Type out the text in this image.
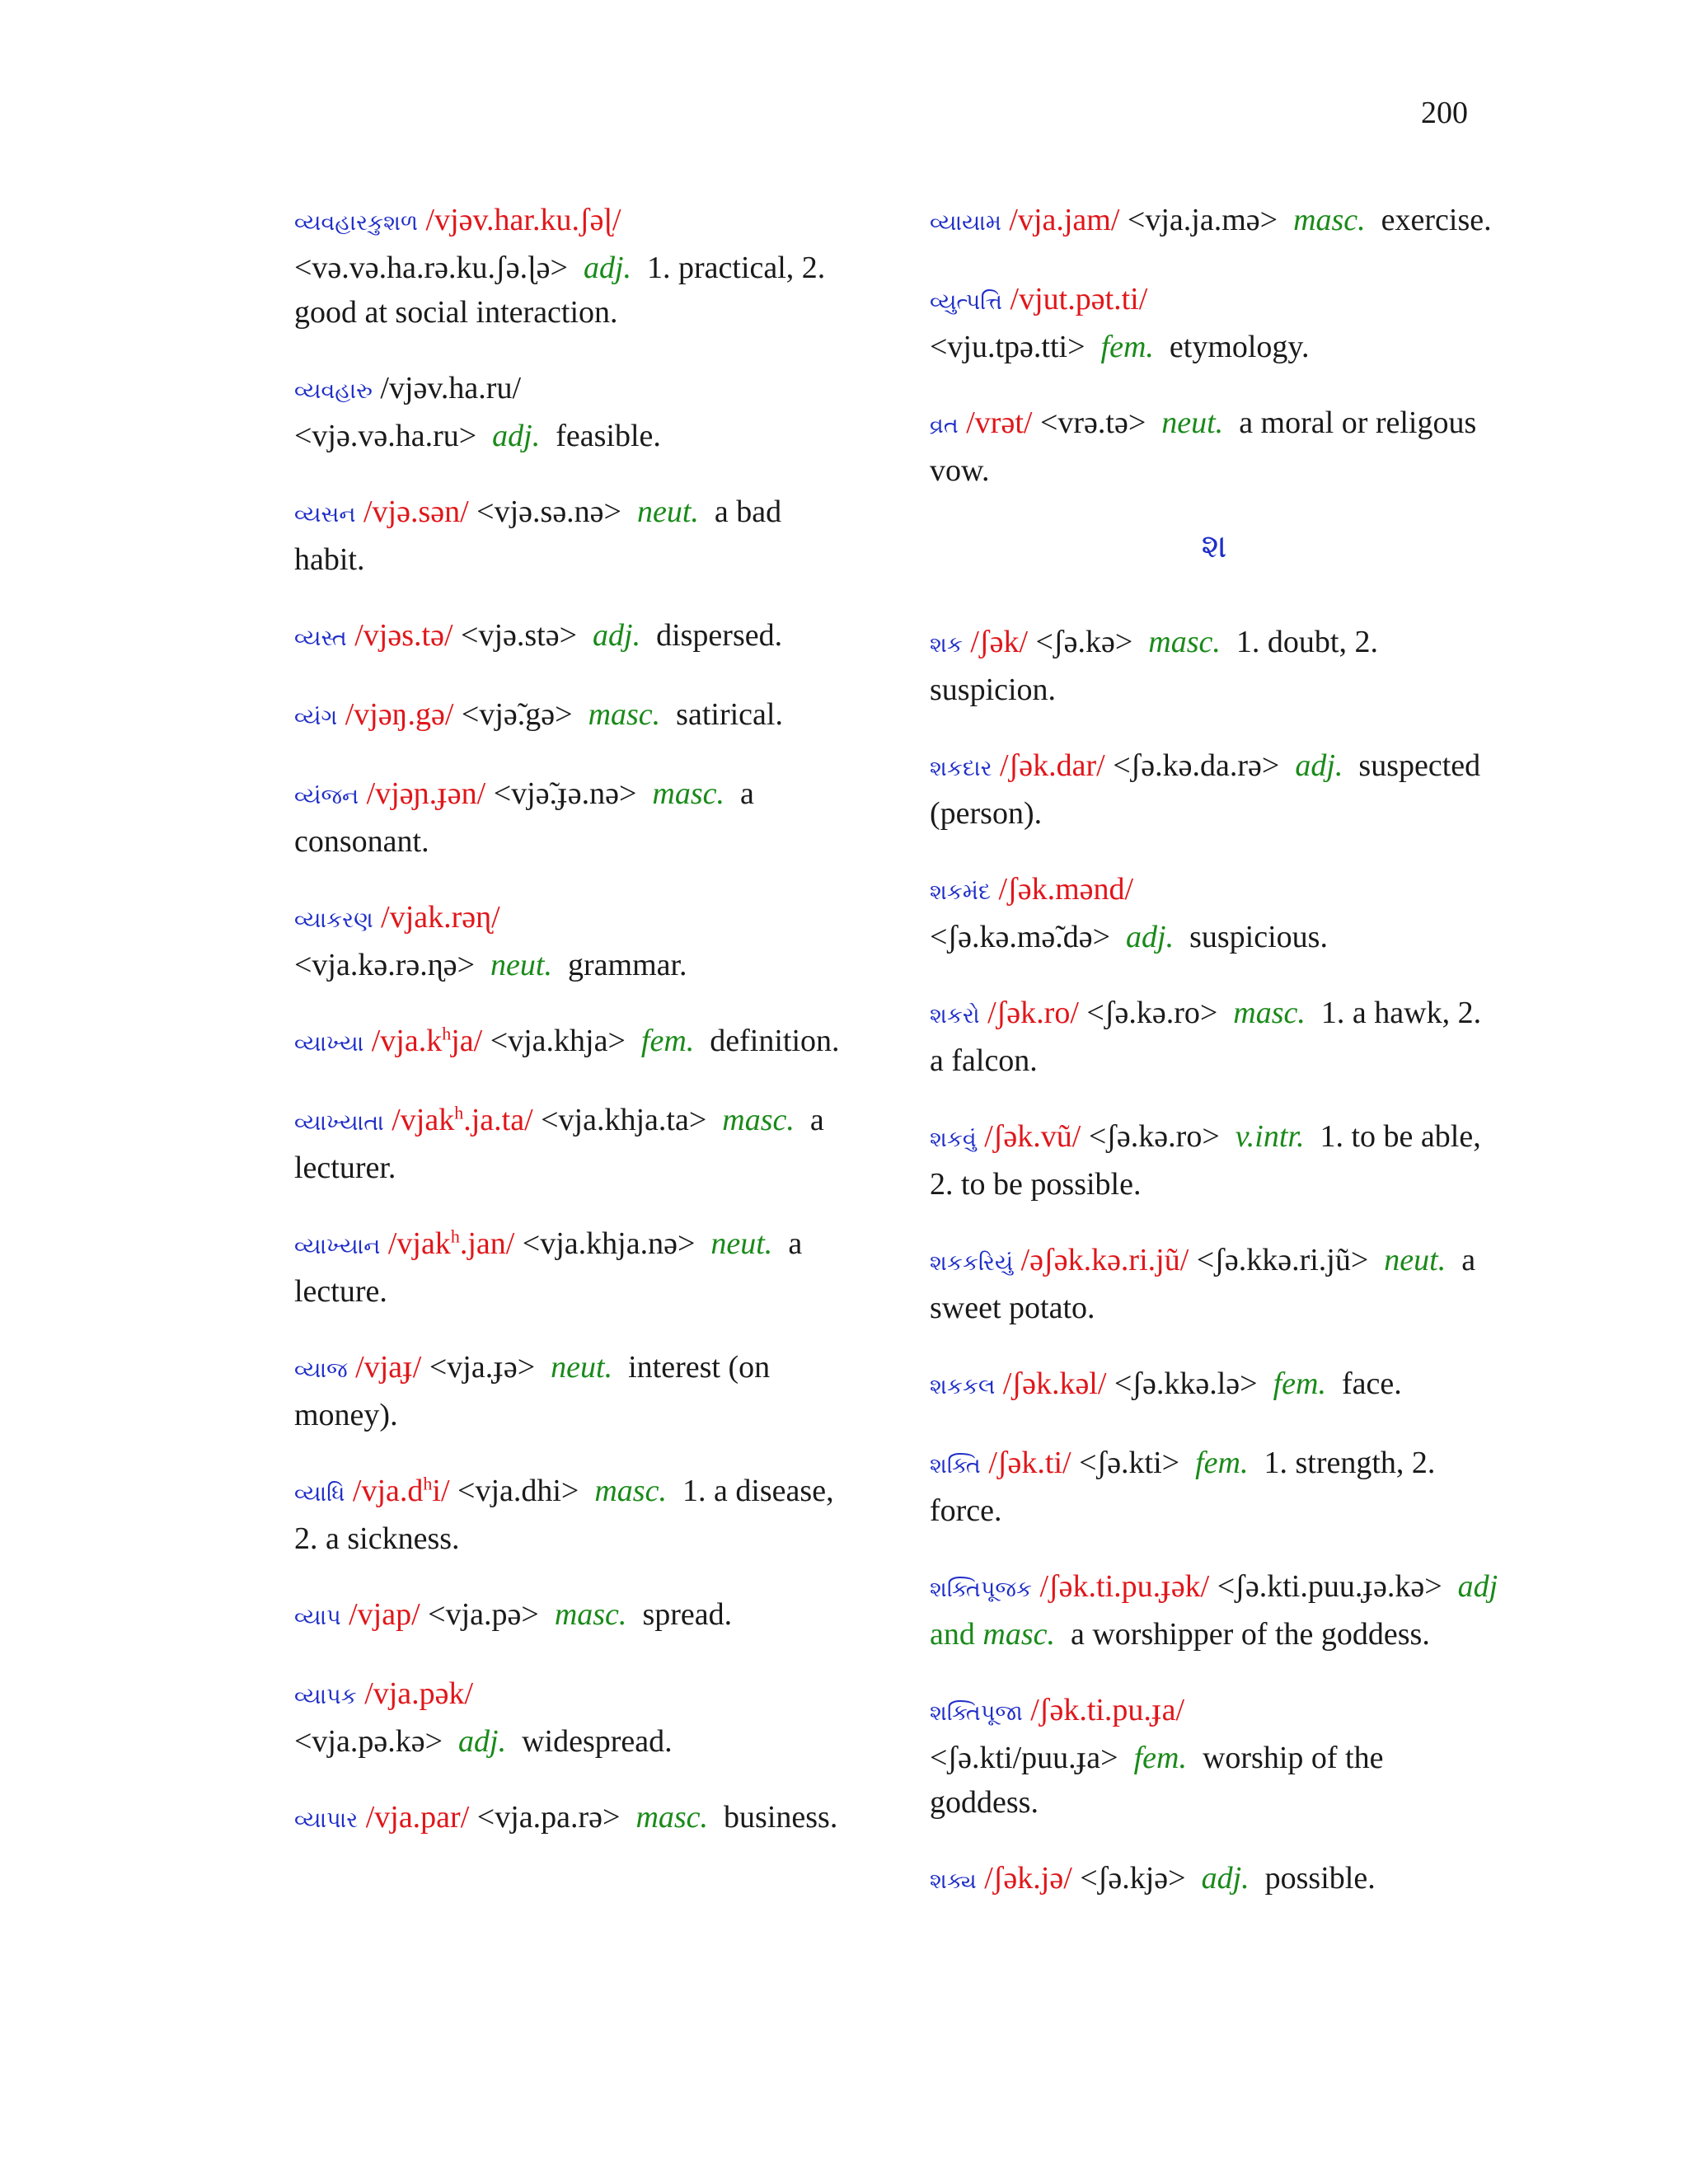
200
વ્યવહારકુશળ /vjəv.har.ku.ʃəɭ/ <və.və.ha.rə.ku.ʃə.ɭə> adj. 1. practical, 2. good at social interaction.
વ્યવહારુ /vjəv.ha.ru/ <vjə.və.ha.ru> adj. feasible.
વ્યસન /vjə.sən/ <vjə.sə.nə> neut. a bad habit.
વ્યસ્ત /vjəs.tə/ <vjə.stə> adj. dispersed.
વ્યંગ /vjəŋ.gə/ <vjə̃.gə> masc. satirical.
વ્યંજન /vjəɲ.ɟən/ <vjə̃.ɟə.nə> masc. a consonant.
વ્યાકરણ /vjak.rəɳ/ <vja.kə.rə.ɳə> neut. grammar.
વ્યાખ્યા $/vja.k^hja/$ <vja.khja> fem. definition.
વ્યાખ્યાતા /vjak$^h$.ja.ta/ <vja.khja.ta> masc. a lecturer.
વ્યાખ્યાન /vjak$^h$.jan/ <vja.khja.nə> neut. a lecture.
વ્યાજ /vjaɟ/ <vja.ɟə> neut. interest (on money).
વ્યાધિ $/vja.d^hi/ <vja.dhi>$ masc. 1. a disease, 2. a sickness.
વ્યાપ /vjap/ <vja.pə> masc. spread.
વ્યાપક /vja.pək/ <vja.pə.kə> adj. widespread.
વ્યાપાર /vja.par/ <vja.pa.rə> masc. business.
વ્યાયામ /vja.jam/ <vja.ja.mə> masc. exercise.
વ્યુત્પત્તિ /vjut.pət.ti/ <vju.tpə.tti> fem. etymology.
વ્રત /vrət/ <vrə.tə> neut. a moral or religous vow.
શ
શક /ʃək/ <ʃə.kə> masc. 1. doubt, 2. suspicion.
શકદાર /ʃək.dar/ <ʃə.kə.da.rə> adj. suspected (person).
શકમંદ /ʃək.mənd/ <ʃə.kə.mə̃.də> adj. suspicious.
શકરો /ʃək.ro/ <ʃə.kə.ro> masc. 1. a hawk, 2. a falcon.
શકવું /ʃək.vũ/ <ʃə.kə.ro> v.intr. 1. to be able, 2. to be possible.
શકકરિયું /əʃək.kə.ri.jũ/ <ʃə.kkə.ri.jũ> neut. a sweet potato.
શકકલ /ʃək.kəl/ <ʃə.kkə.lə> fem. face.
શક્તિ /ʃək.ti/ <ʃə.kti> fem. 1. strength, 2. force.
શક્તિપૂજક /ʃək.ti.pu.ɟək/ <ʃə.kti.puu.ɟə.kə> adj and masc. a worshipper of the goddess.
શક્તિપૂજા /ʃək.ti.pu.ɟa/ <ʃə.kti/puu.ɟa> fem. worship of the goddess.
શક્ય /ʃək.jə/ <ʃə.kjə> adj. possible.
